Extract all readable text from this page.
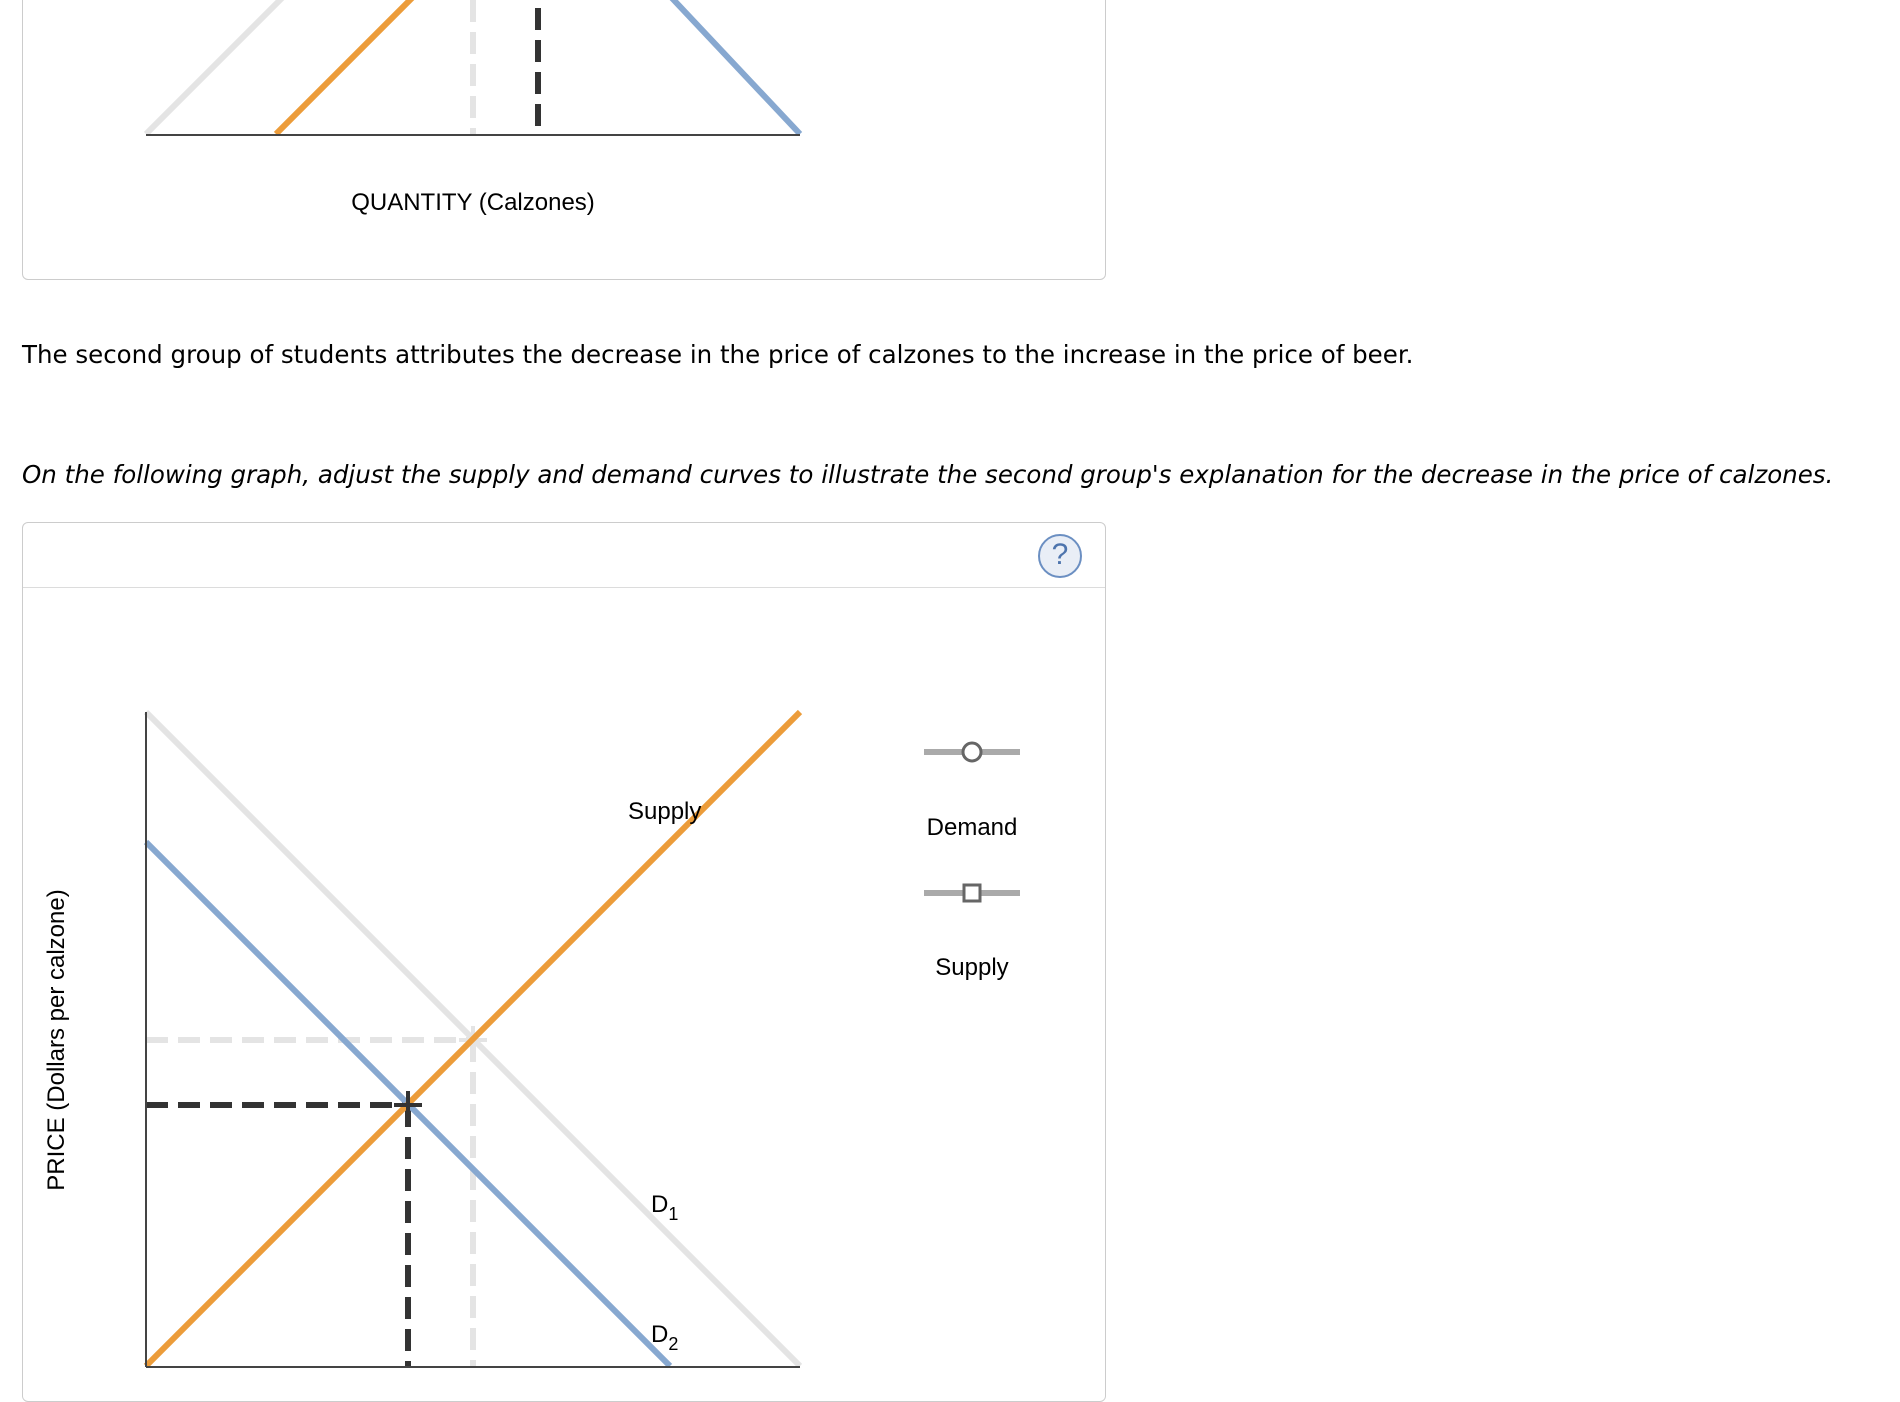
QUANTITY (Calzones)

The second group of students attributes the decrease in the price of calzones to the increase in the price of beer.

On the following graph, adjust the supply and demand curves to illustrate the second group's explanation for the decrease in the price of calzones.

?
PRICE (Dollars per calzone)
Supply
$D_1$
$D_2$
Demand
Supply
